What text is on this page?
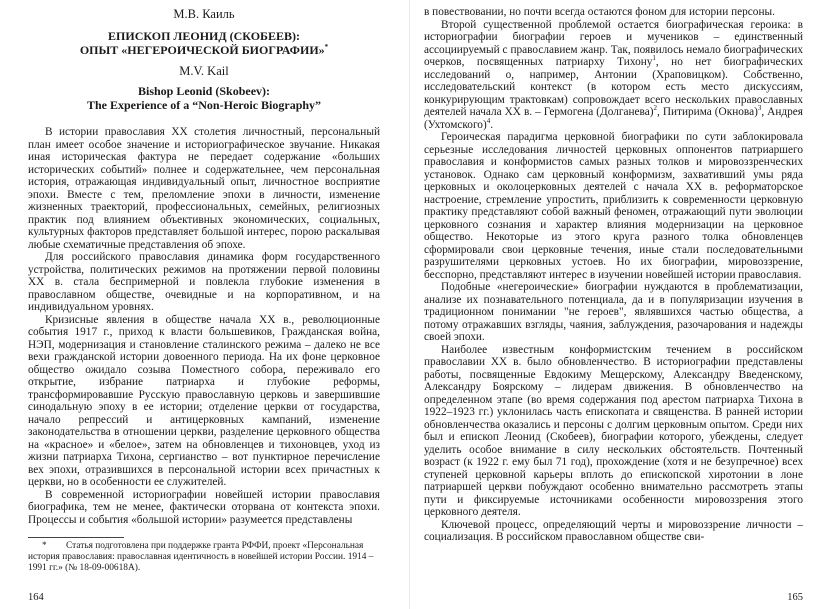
М.В. Каиль

ЕПИСКОП ЛЕОНИД (СКОБЕЕВ):
ОПЫТ «НЕГЕРОИЧЕСКОЙ БИОГРАФИИ»*

M.V. Kail

Bishop Leonid (Skobeev):
The Experience of a “Non-Heroic Biography”

В истории православия XX столетия личностный, персональный план имеет особое значение и историографическое звучание. Никакая иная историческая фактура не передает содержание «больших исторических событий» полнее и содержательнее, чем персональная история, отражающая индивидуальный опыт, личностное восприятие эпохи. Вместе с тем, преломление эпохи в личности, изменение жизненных траекторий, профессиональных, семейных, религиозных практик под влиянием объективных экономических, социальных, культурных факторов представляет большой интерес, порою раскалывая любые схематичные представления об эпохе.

Для российского православия динамика форм государственного устройства, политических режимов на протяжении первой половины XX в. стала беспримерной и повлекла глубокие изменения в православном обществе, очевидные и на корпоративном, и на индивидуальном уровнях.

Кризисные явления в обществе начала XX в., революционные события 1917 г., приход к власти большевиков, Гражданская война, НЭП, модернизация и становление сталинского режима – далеко не все вехи гражданской истории довоенного периода. На их фоне церковное общество ожидало созыва Поместного собора, переживало его открытие, избрание патриарха и глубокие реформы, трансформировавшие Русскую православную церковь и завершившие синодальную эпоху в ее истории; отделение церкви от государства, начало репрессий и антицерковных кампаний, изменение законодательства в отношении церкви, разделение церковного общества на «красное» и «белое», затем на обновленцев и тихоновцев, уход из жизни патриарха Тихона, сергианство – вот пунктирное перечисление вех эпохи, отразившихся в персональной истории всех причастных к церкви, но в особенности ее служителей.

В современной историографии новейшей истории православия биографика, тем не менее, фактически оторвана от контекста эпохи. Процессы и события «большой истории» разумеется представлены

* Статья подготовлена при поддержке гранта РФФИ, проект «Персональная история православия: православная идентичность в новейшей истории России. 1914 – 1991 гг.» (№ 18-09-00618А).
164

в повествовании, но почти всегда остаются фоном для истории персоны.

Второй существенной проблемой остается биографическая героика: в историографии биографии героев и мучеников – единственный ассоциируемый с православием жанр. Так, появилось немало биографических очерков, посвященных патриарху Тихону$^1$, но нет биографических исследований о, например, Антонии (Храповицком). Собственно, исследовательский контекст (в котором есть место дискуссиям, конкурирующим трактовкам) сопровождает всего нескольких православных деятелей начала XX в. – Гермогена (Долганева)$^2$, Питирима (Окнова)$^3$, Андрея (Ухтомского)$^4$.

Героическая парадигма церковной биографики по сути заблокировала серьезные исследования личностей церковных оппонентов патриаршего православия и конформистов самых разных толков и мировоззренческих установок. Однако сам церковный конформизм, захвативший умы ряда церковных и околоцерковных деятелей с начала XX в. реформаторское настроение, стремление упростить, приблизить к современности церковную практику представляют собой важный феномен, отражающий пути эволюции церковного сознания и характер влияния модернизации на церковное общество. Некоторые из этого круга разного толка обновленцев сформировали свои церковные течения, иные стали последовательными разрушителями церковных устоев. Но их биографии, мировоззрение, бесспорно, представляют интерес в изучении новейшей истории православия.

Подобные «негероические» биографии нуждаются в проблематизации, анализе их познавательного потенциала, да и в популяризации изучения в традиционном понимании "не героев", являвшихся частью общества, а потому отражавших взгляды, чаяния, заблуждения, разочарования и надежды своей эпохи.

Наиболее известным конформистским течением в российском православии XX в. было обновленчество. В историографии представлены работы, посвященные Евдокиму Мещерскому, Александру Введенскому, Александру Боярскому – лидерам движения. В обновленчество на определенном этапе (во время содержания под арестом патриарха Тихона в 1922–1923 гг.) уклонилась часть епископата и священства. В ранней истории обновленчества оказались и персоны с долгим церковным опытом. Среди них был и епископ Леонид (Скобеев), биографии которого, убеждены, следует уделить особое внимание в силу нескольких обстоятельств. Почтенный возраст (к 1922 г. ему был 71 год), прохождение (хотя и не безупречное) всех ступеней церковной карьеры вплоть до епископской хиротонии в лоне патриаршей церкви побуждают особенно внимательно рассмотреть этапы пути и фиксируемые источниками особенности мировоззрения этого церковного деятеля.

Ключевой процесс, определяющий черты и мировоззрение личности – социализация. В российском православном обществе сви-

165
